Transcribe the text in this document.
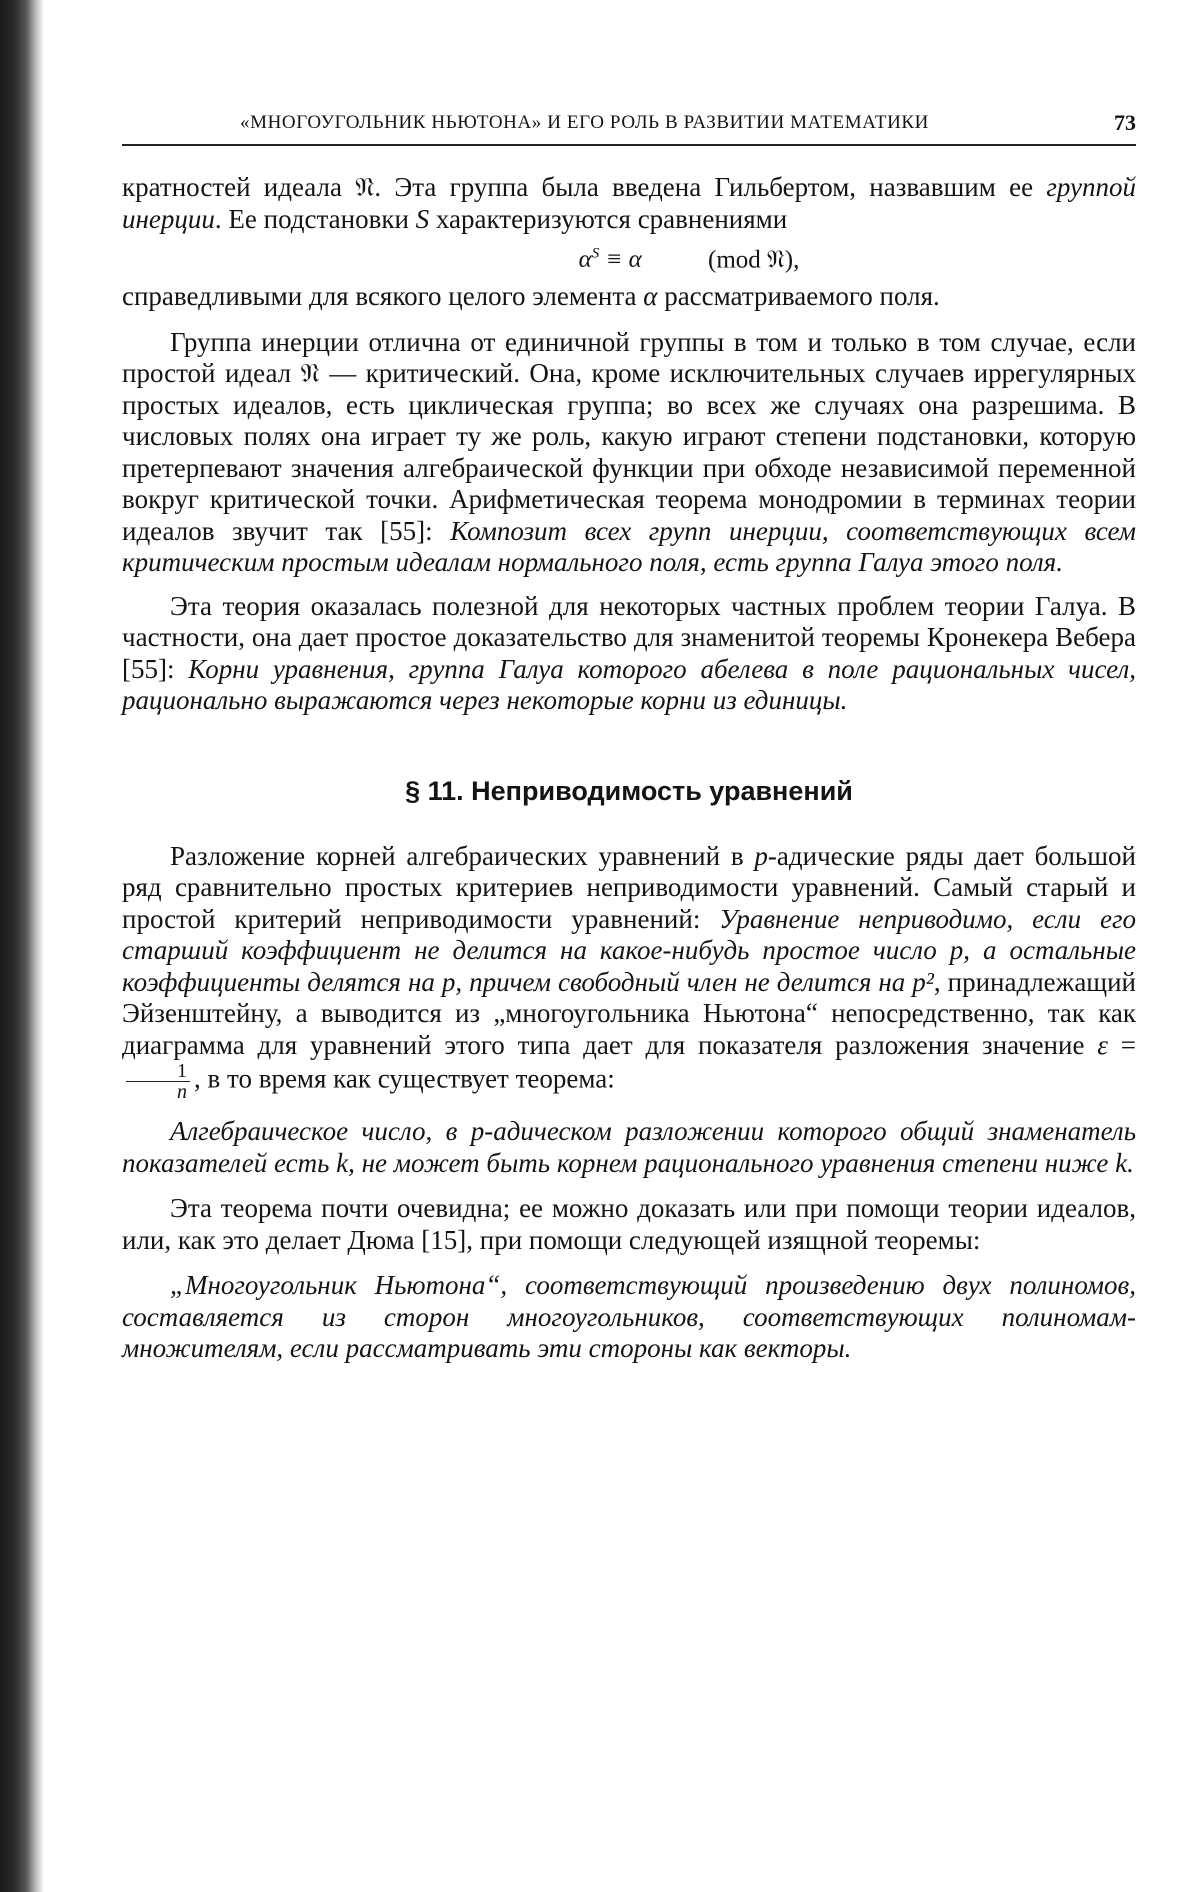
«МНОГОУГОЛЬНИК НЬЮТОНА» И ЕГО РОЛЬ В РАЗВИТИИ МАТЕМАТИКИ	73

кратностей идеала 𝔑. Эта группа была введена Гильбертом, назвавшим ее группой инерции. Ее подстановки S характеризуются сравнениями

$\alpha^S \equiv \alpha$	(mod 𝔑),

справедливыми для всякого целого элемента α рассматриваемого поля.

Группа инерции отлична от единичной группы в том и только в том случае, если простой идеал 𝔑 — критический. Она, кроме исключительных случаев иррегулярных простых идеалов, есть циклическая группа; во всех же случаях она разрешима. В числовых полях она играет ту же роль, какую играют степени подстановки, которую претерпевают значения алгебраической функции при обходе независимой переменной вокруг критической точки. Арифметическая теорема монодромии в терминах теории идеалов звучит так [55]: Композит всех групп инерции, соответствующих всем критическим простым идеалам нормального поля, есть группа Галуа этого поля.

Эта теория оказалась полезной для некоторых частных проблем теории Галуа. В частности, она дает простое доказательство для знаменитой теоремы Кронекера Вебера [55]: Корни уравнения, группа Галуа которого абелева в поле рациональных чисел, рационально выражаются через некоторые корни из единицы.

§ 11. Неприводимость уравнений

Разложение корней алгебраических уравнений в p-адические ряды дает большой ряд сравнительно простых критериев неприводимости уравнений. Самый старый и простой критерий неприводимости уравнений: Уравнение неприводимо, если его старший коэффициент не делится на какое-нибудь простое число p, а остальные коэффициенты делятся на p, причем свободный член не делится на p², принадлежащий Эйзенштейну, а выводится из „многоугольника Ньютона“ непосредственно, так как диаграмма для уравнений этого типа дает для показателя разложения значение ε =
$\frac{1}{n}$ , в то время как существует теорема:

Алгебраическое число, в p-адическом разложении которого общий знаменатель показателей есть k, не может быть корнем рационального уравнения степени ниже k.

Эта теорема почти очевидна; ее можно доказать или при помощи теории идеалов, или, как это делает Дюма [15], при помощи следующей изящной теоремы:

„Многоугольник Ньютона“, соответствующий произведению двух полиномов, составляется из сторон многоугольников, соответствующих полиномам-множителям, если рассматривать эти стороны как векторы.
